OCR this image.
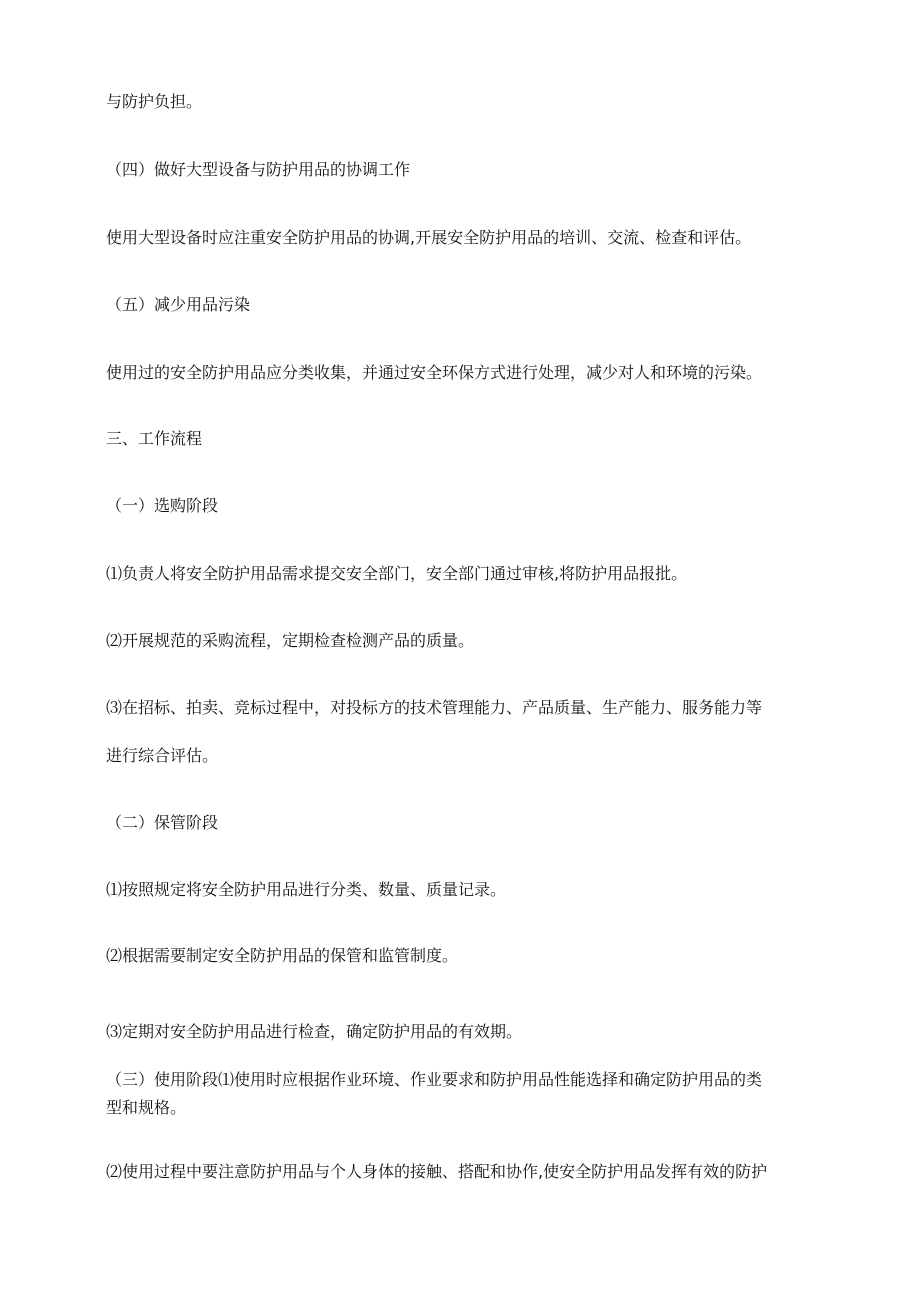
与防护负担。
（四）做好大型设备与防护用品的协调工作
使用大型设备时应注重安全防护用品的协调,开展安全防护用品的培训、交流、检查和评估。
（五）减少用品污染
使用过的安全防护用品应分类收集，并通过安全环保方式进行处理，减少对人和环境的污染。
三、工作流程
（一）选购阶段
⑴负责人将安全防护用品需求提交安全部门，安全部门通过审核,将防护用品报批。
⑵开展规范的采购流程，定期检查检测产品的质量。
⑶在招标、拍卖、竞标过程中，对投标方的技术管理能力、产品质量、生产能力、服务能力等
进行综合评估。
（二）保管阶段
⑴按照规定将安全防护用品进行分类、数量、质量记录。
⑵根据需要制定安全防护用品的保管和监管制度。
⑶定期对安全防护用品进行检查，确定防护用品的有效期。
（三）使用阶段⑴使用时应根据作业环境、作业要求和防护用品性能选择和确定防护用品的类
型和规格。
⑵使用过程中要注意防护用品与个人身体的接触、搭配和协作,使安全防护用品发挥有效的防护
